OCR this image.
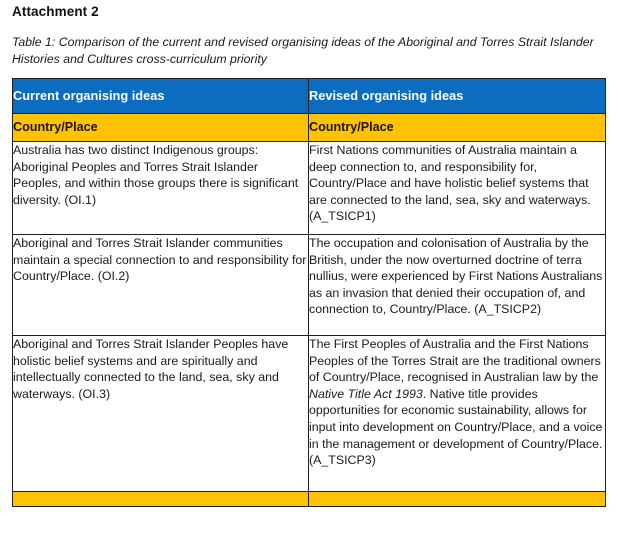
Attachment 2
Table 1: Comparison of the current and revised organising ideas of the Aboriginal and Torres Strait Islander Histories and Cultures cross-curriculum priority
Current organising ideas	Revised organising ideas

Country/Place	Country/Place

Australia has two distinct Indigenous groups: Aboriginal Peoples and Torres Strait Islander Peoples, and within those groups there is significant diversity. (OI.1)	First Nations communities of Australia maintain a deep connection to, and responsibility for, Country/Place and have holistic belief systems that are connected to the land, sea, sky and waterways. (A_TSICP1)

Aboriginal and Torres Strait Islander communities maintain a special connection to and responsibility for Country/Place. (OI.2)	The occupation and colonisation of Australia by the British, under the now overturned doctrine of terra nullius, were experienced by First Nations Australians as an invasion that denied their occupation of, and connection to, Country/Place. (A_TSICP2)

Aboriginal and Torres Strait Islander Peoples have holistic belief systems and are spiritually and intellectually connected to the land, sea, sky and waterways. (OI.3)	The First Peoples of Australia and the First Nations Peoples of the Torres Strait are the traditional owners of Country/Place, recognised in Australian law by the Native Title Act 1993. Native title provides opportunities for economic sustainability, allows for input into development on Country/Place, and a voice in the management or development of Country/Place. (A_TSICP3)
